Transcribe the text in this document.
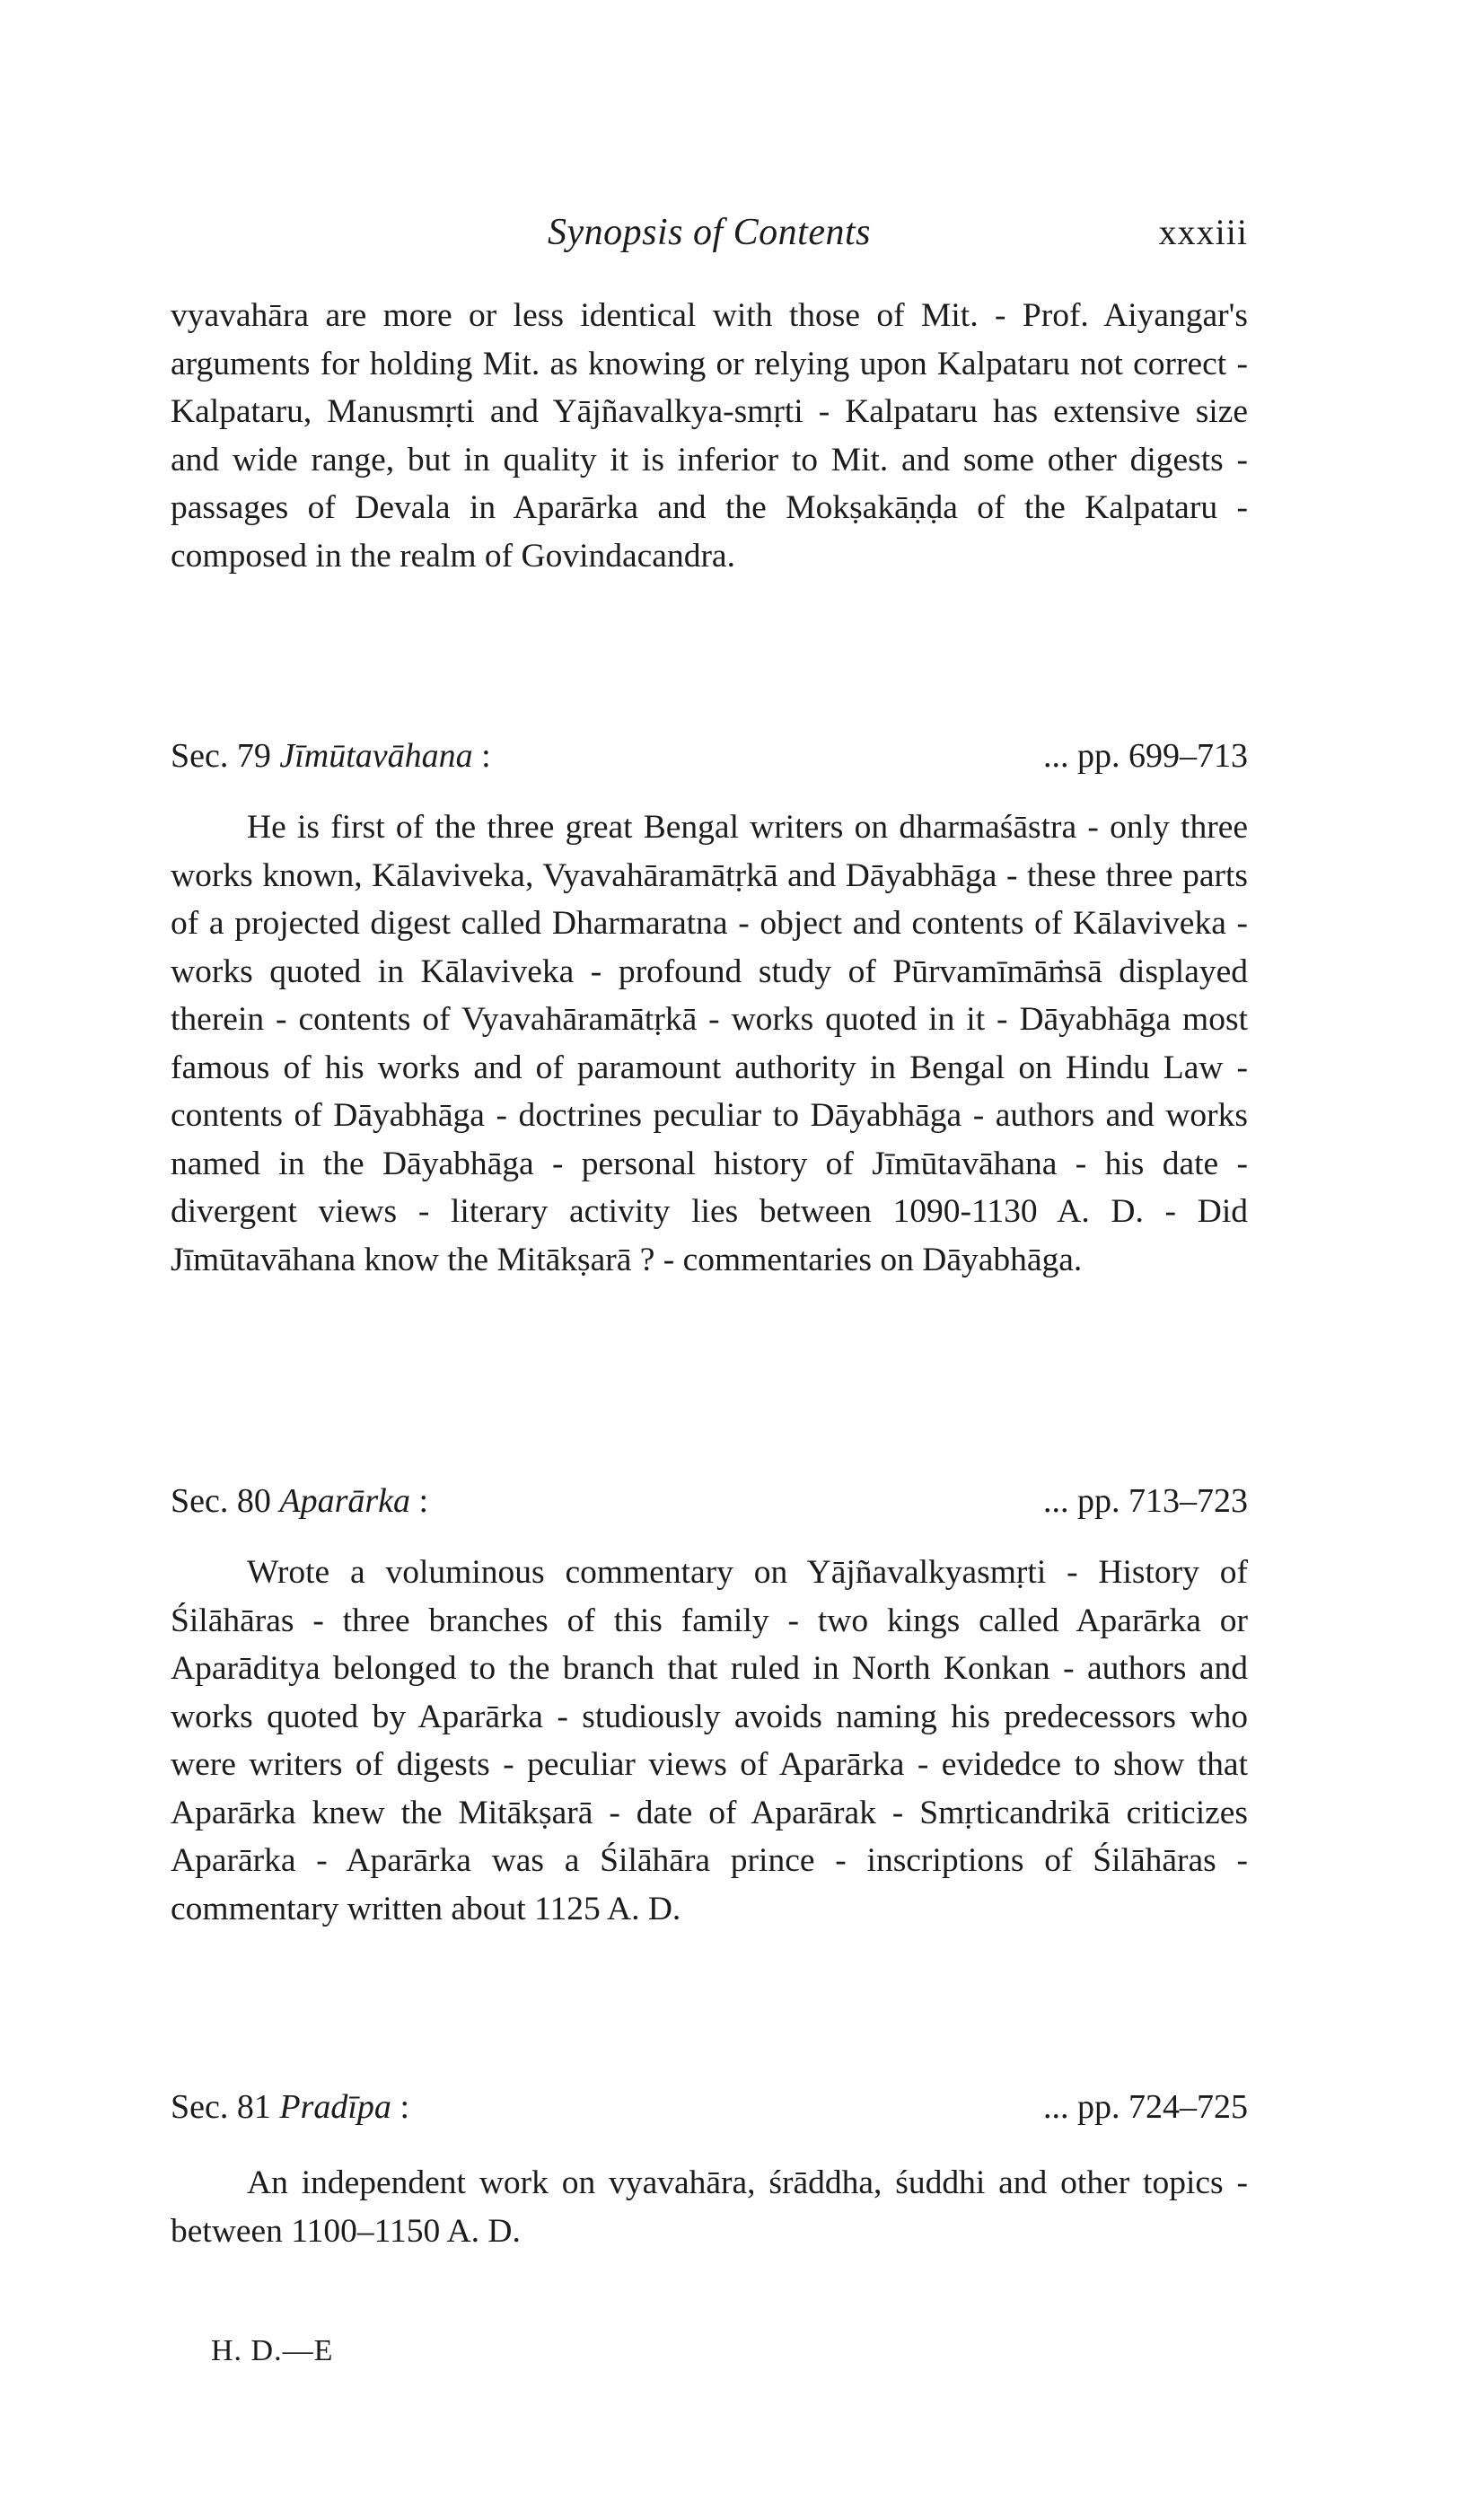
Synopsis of Contents	xxxiii

vyavahāra are more or less identical with those of Mit. - Prof. Aiyangar's arguments for holding Mit. as knowing or relying upon Kalpataru not correct - Kalpataru, Manusmṛti and Yājñavalkya-smṛti - Kalpataru has extensive size and wide range, but in quality it is inferior to Mit. and some other digests - passages of Devala in Aparārka and the Mokṣakāṇḍa of the Kalpataru - composed in the realm of Govindacandra.

Sec. 79 Jīmūtavāhana :	... pp. 699–713

He is first of the three great Bengal writers on dharmaśāstra - only three works known, Kālaviveka, Vyavahāramātṛkā and Dāyabhāga - these three parts of a projected digest called Dharmaratna - object and contents of Kālaviveka - works quoted in Kālaviveka - profound study of Pūrvamīmāṁsā displayed therein - contents of Vyavahāramātṛkā - works quoted in it - Dāyabhāga most famous of his works and of paramount authority in Bengal on Hindu Law - contents of Dāyabhāga - doctrines peculiar to Dāyabhāga - authors and works named in the Dāyabhāga - personal history of Jīmūtavāhana - his date - divergent views - literary activity lies between 1090-1130 A. D. - Did Jīmūtavāhana know the Mitākṣarā ? - commentaries on Dāyabhāga.

Sec. 80 Aparārka :	... pp. 713–723

Wrote a voluminous commentary on Yājñavalkyasmṛti - History of Śilāhāras - three branches of this family - two kings called Aparārka or Aparāditya belonged to the branch that ruled in North Konkan - authors and works quoted by Aparārka - studiously avoids naming his predecessors who were writers of digests - peculiar views of Aparārka - evidedce to show that Aparārka knew the Mitākṣarā - date of Aparārak - Smṛticandrikā criticizes Aparārka - Aparārka was a Śilāhāra prince - inscriptions of Śilāhāras - commentary written about 1125 A. D.

Sec. 81 Pradīpa :	... pp. 724–725

An independent work on vyavahāra, śrāddha, śuddhi and other topics - between 1100–1150 A. D.

H. D.—E
